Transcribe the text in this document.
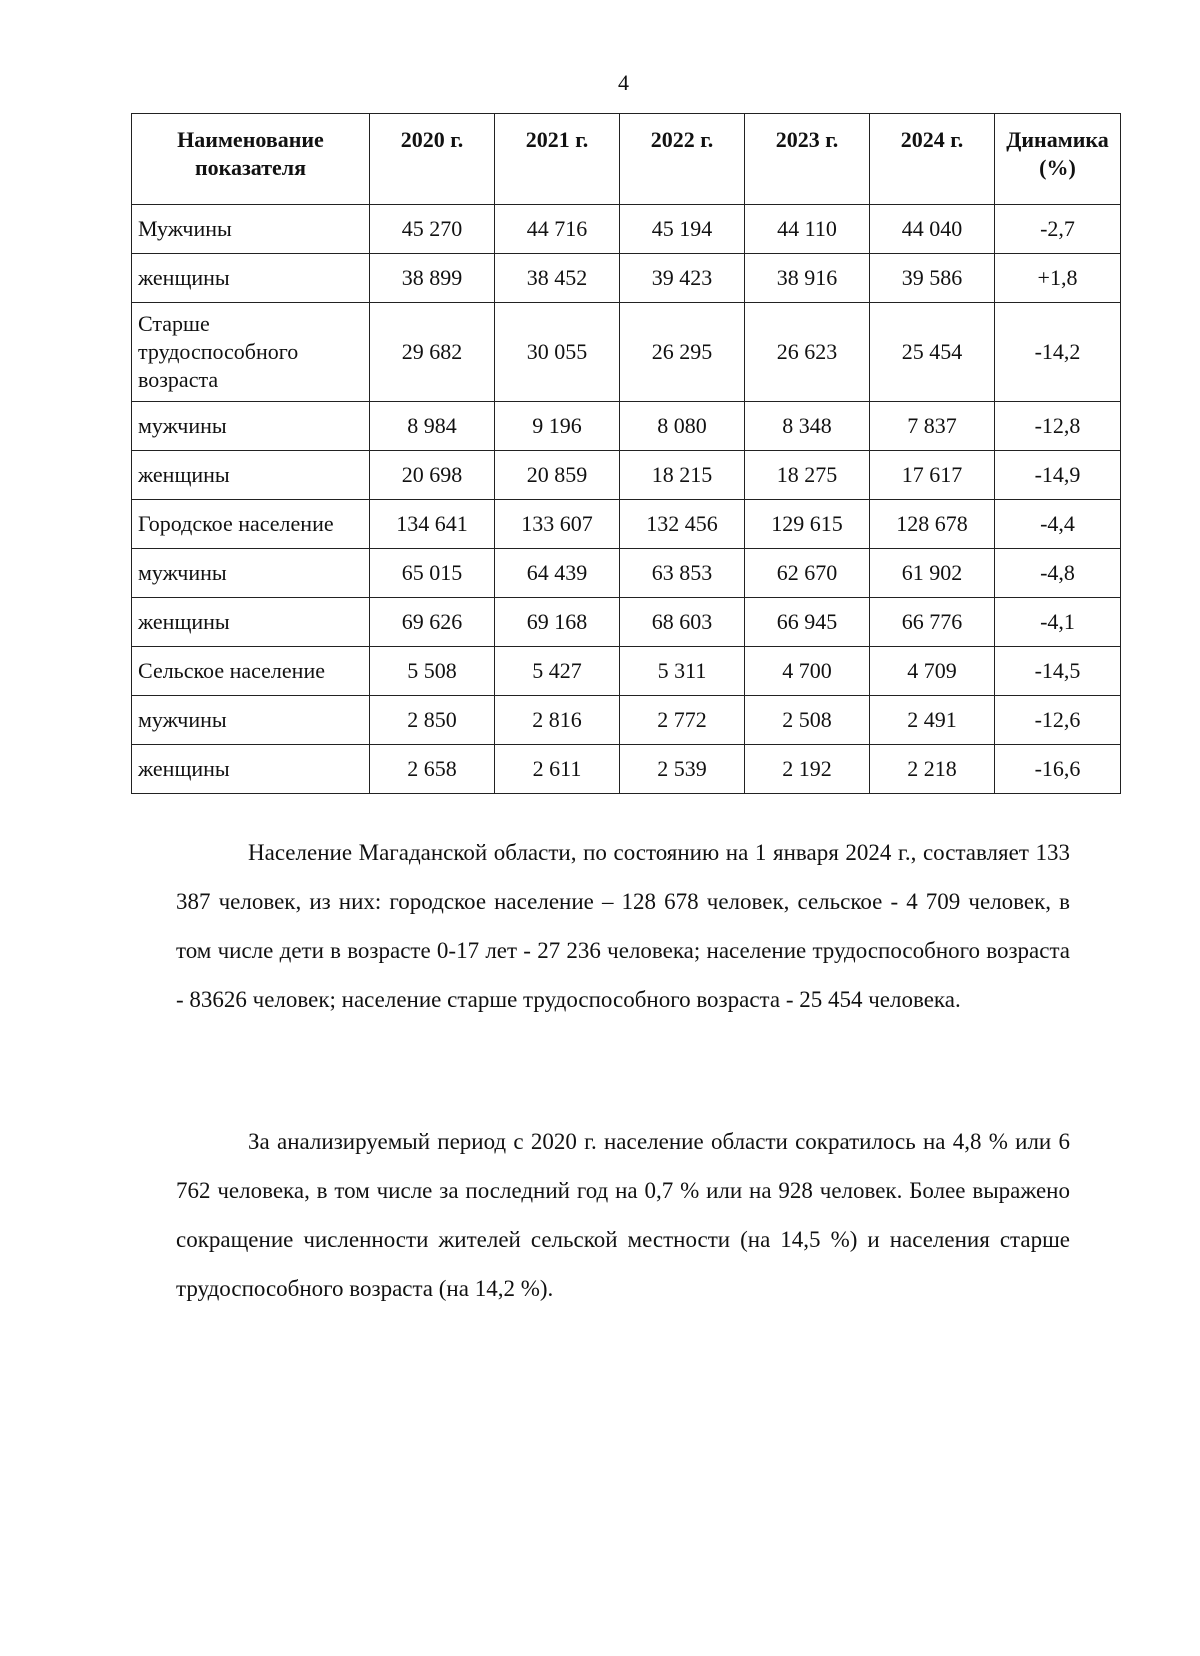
4
Наименование показателя	2020 г.	2021 г.	2022 г.	2023 г.	2024 г.	Динамика (%)
Мужчины	45 270	44 716	45 194	44 110	44 040	-2,7
женщины	38 899	38 452	39 423	38 916	39 586	+1,8
Старше трудоспособного возраста	29 682	30 055	26 295	26 623	25 454	-14,2
мужчины	8 984	9 196	8 080	8 348	7 837	-12,8
женщины	20 698	20 859	18 215	18 275	17 617	-14,9
Городское население	134 641	133 607	132 456	129 615	128 678	-4,4
мужчины	65 015	64 439	63 853	62 670	61 902	-4,8
женщины	69 626	69 168	68 603	66 945	66 776	-4,1
Сельское население	5 508	5 427	5 311	4 700	4 709	-14,5
мужчины	2 850	2 816	2 772	2 508	2 491	-12,6
женщины	2 658	2 611	2 539	2 192	2 218	-16,6

Население Магаданской области, по состоянию на 1 января 2024 г., составляет 133 387 человек, из них: городское население – 128 678 человек, сельское - 4 709 человек, в том числе дети в возрасте 0-17 лет - 27 236 человека; население трудоспособного возраста - 83626 человек; население старше трудоспособного возраста - 25 454 человека.

За анализируемый период с 2020 г. население области сократилось на 4,8 % или 6 762 человека, в том числе за последний год на 0,7 % или на 928 человек. Более выражено сокращение численности жителей сельской местности (на 14,5 %) и населения старше трудоспособного возраста (на 14,2 %).
